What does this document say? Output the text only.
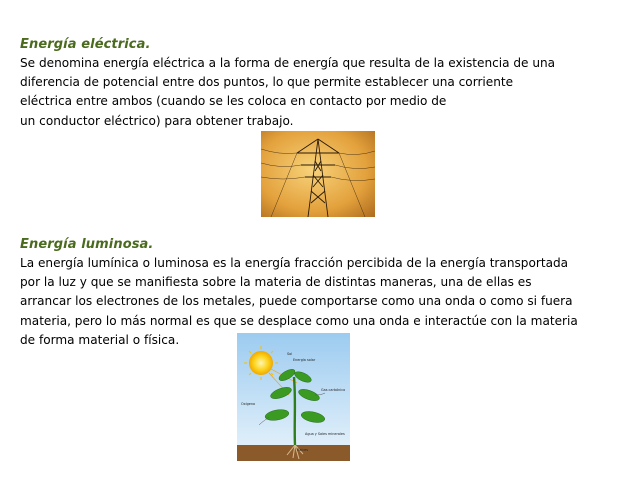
Energía eléctrica.

Se denomina energía eléctrica a la forma de energía que resulta de la existencia de una
diferencia de potencial entre dos puntos, lo que permite establecer una corriente
eléctrica entre ambos (cuando se les coloca en contacto por medio de
un conductor eléctrico) para obtener trabajo.

Energía luminosa.

La energía lumínica o luminosa es la energía fracción percibida de la energía transportada
por la luz y que se manifiesta sobre la materia de distintas maneras, una de ellas es
arrancar los electrones de los metales, puede comportarse como una onda o como si fuera
materia, pero lo más normal es que se desplace como una onda e interactúe con la materia
de forma material o física.

Sol
Energía solar
Gas carbónico
Oxígeno
Agua y Sales minerales
Raíces
